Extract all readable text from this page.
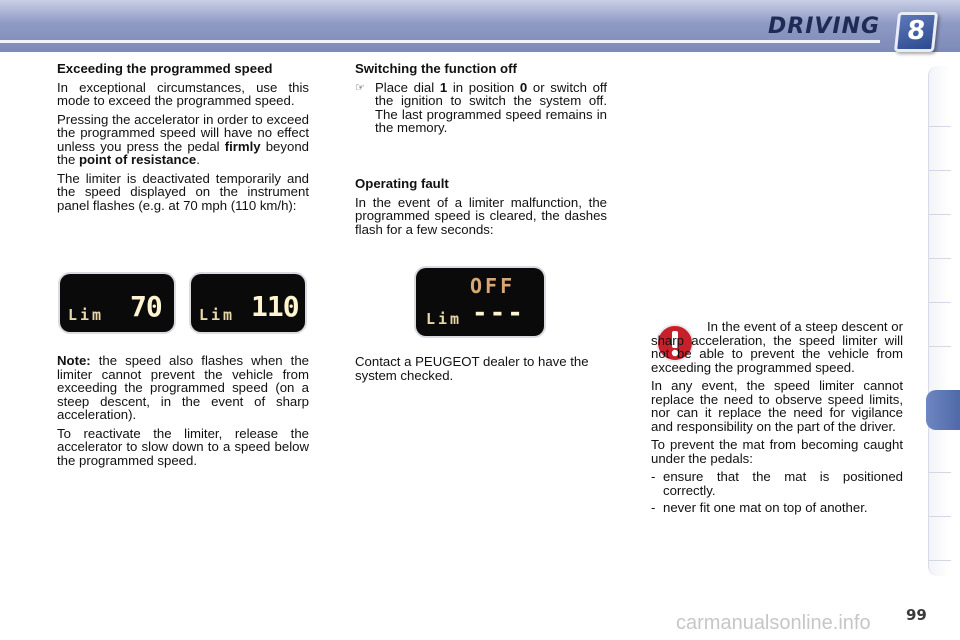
DRIVING 8

Exceeding the programmed speed

In exceptional circumstances, use this mode to exceed the programmed speed.

Pressing the accelerator in order to exceed the programmed speed will have no effect unless you press the pedal firmly beyond the point of resistance.

The limiter is deactivated temporarily and the speed displayed on the instrument panel flashes (e.g. at 70 mph (110 km/h):

Lim 70 Lim 110

Note: the speed also flashes when the limiter cannot prevent the vehicle from exceeding the programmed speed (on a steep descent, in the event of sharp acceleration).

To reactivate the limiter, release the accelerator to slow down to a speed below the programmed speed.

Switching the function off

☞ Place dial 1 in position 0 or switch off the ignition to switch the system off. The last programmed speed remains in the memory.

Operating fault

In the event of a limiter malfunction, the programmed speed is cleared, the dashes flash for a few seconds:

OFF
Lim ---

Contact a PEUGEOT dealer to have the system checked.

In the event of a steep descent or sharp acceleration, the speed limiter will not be able to prevent the vehicle from exceeding the programmed speed.

In any event, the speed limiter cannot replace the need to observe speed limits, nor can it replace the need for vigilance and responsibility on the part of the driver.

To prevent the mat from becoming caught under the pedals:

- ensure that the mat is positioned correctly.
- never fit one mat on top of another.
carmanualsonline.info 99
